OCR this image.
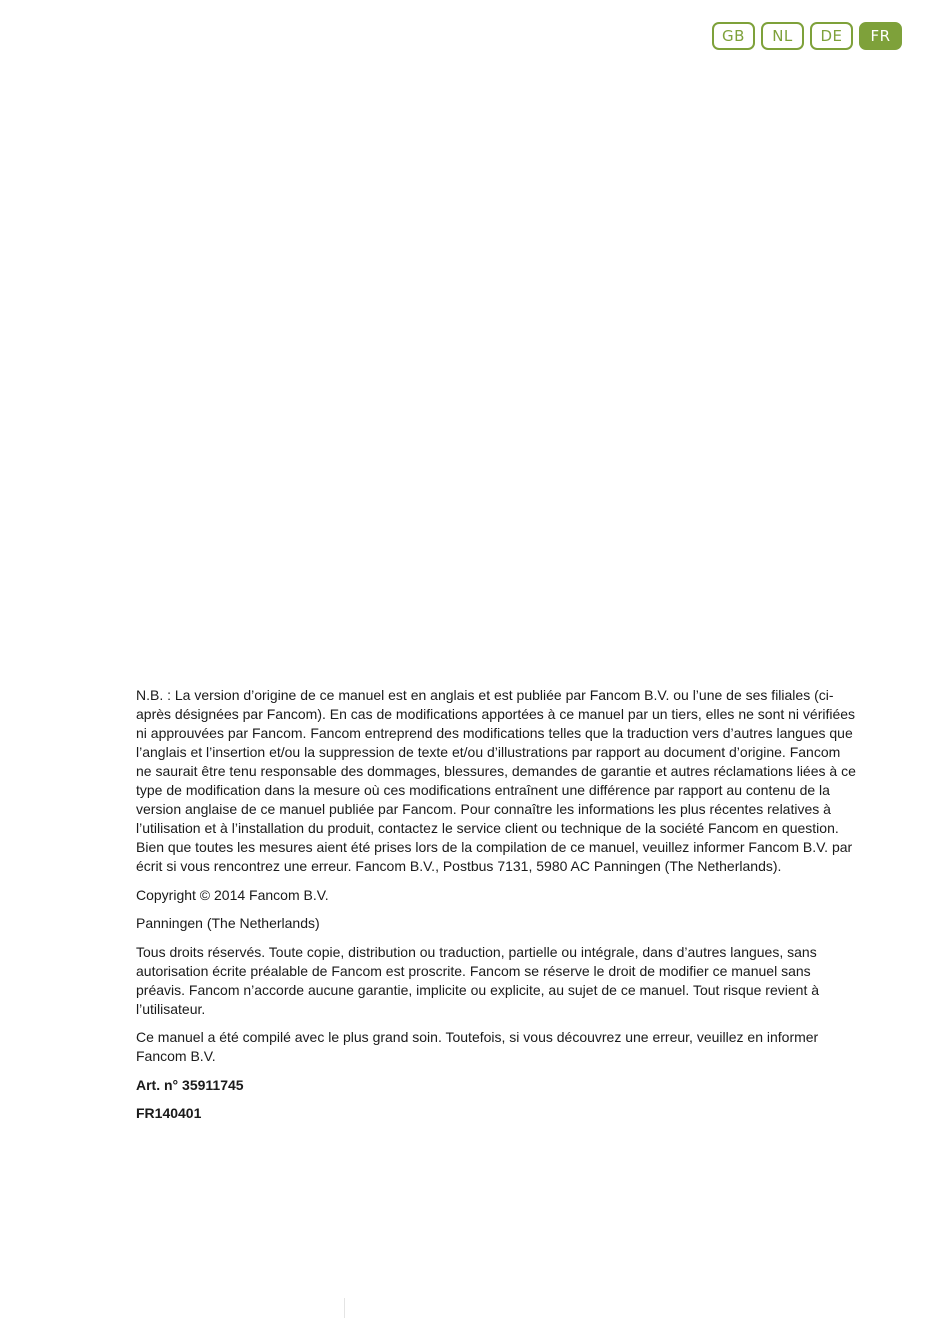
GB	NL	DE	FR

N.B. : La version d’origine de ce manuel est en anglais et est publiée par Fancom B.V. ou l’une de ses filiales (ci-après désignées par Fancom). En cas de modifications apportées à ce manuel par un tiers, elles ne sont ni vérifiées ni approuvées par Fancom. Fancom entreprend des modifications telles que la traduction vers d’autres langues que l’anglais et l’insertion et/ou la suppression de texte et/ou d’illustrations par rapport au document d’origine. Fancom ne saurait être tenu responsable des dommages, blessures, demandes de garantie et autres réclamations liées à ce type de modification dans la mesure où ces modifications entraînent une différence par rapport au contenu de la version anglaise de ce manuel publiée par Fancom. Pour connaître les informations les plus récentes relatives à l’utilisation et à l’installation du produit, contactez le service client ou technique de la société Fancom en question. Bien que toutes les mesures aient été prises lors de la compilation de ce manuel, veuillez informer Fancom B.V. par écrit si vous rencontrez une erreur. Fancom B.V., Postbus 7131, 5980 AC Panningen (The Netherlands).

Copyright © 2014 Fancom B.V.

Panningen (The Netherlands)

Tous droits réservés. Toute copie, distribution ou traduction, partielle ou intégrale, dans d’autres langues, sans autorisation écrite préalable de Fancom est proscrite. Fancom se réserve le droit de modifier ce manuel sans préavis. Fancom n’accorde aucune garantie, implicite ou explicite, au sujet de ce manuel. Tout risque revient à l’utilisateur.

Ce manuel a été compilé avec le plus grand soin. Toutefois, si vous découvrez une erreur, veuillez en informer Fancom B.V.

Art. n° 35911745

FR140401
